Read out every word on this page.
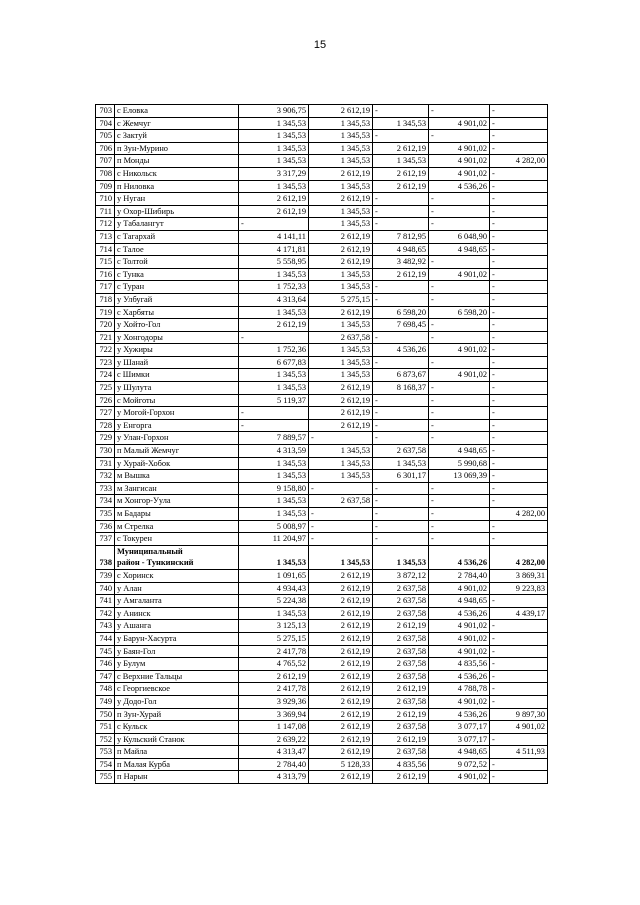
15
703	с Еловка	3 906,75	2 612,19	-	-	-
704	с Жемчуг	1 345,53	1 345,53	1 345,53	4 901,02	-
705	с Зактуй	1 345,53	1 345,53	-	-	-
706	п Зун-Мурино	1 345,53	1 345,53	2 612,19	4 901,02	-
707	п Монды	1 345,53	1 345,53	1 345,53	4 901,02	4 282,00
708	с Никольск	3 317,29	2 612,19	2 612,19	4 901,02	-
709	п Ниловка	1 345,53	1 345,53	2 612,19	4 536,26	-
710	у Нуган	2 612,19	2 612,19	-	-	-
711	у Охор-Шибирь	2 612,19	1 345,53	-	-	-
712	у Табалангут	-	1 345,53	-	-	-
713	с Тагархай	4 141,11	2 612,19	7 812,95	6 048,90	-
714	с Талое	4 171,81	2 612,19	4 948,65	4 948,65	-
715	с Толтой	5 558,95	2 612,19	3 482,92	-	-
716	с Тунка	1 345,53	1 345,53	2 612,19	4 901,02	-
717	с Туран	1 752,33	1 345,53	-	-	-
718	у Улбугай	4 313,64	5 275,15	-	-	-
719	с Харбяты	1 345,53	2 612,19	6 598,20	6 598,20	-
720	у Хойто-Гол	2 612,19	1 345,53	7 698,45	-	-
721	у Хонгодоры	-	2 637,58	-	-	-
722	у Хужиры	1 752,36	1 345,53	4 536,26	4 901,02	-
723	у Шанай	6 677,83	1 345,53	-	-	-
724	с Шимки	1 345,53	1 345,53	6 873,67	4 901,02	-
725	у Шулута	1 345,53	2 612,19	8 168,37	-	-
726	с Мойготы	5 119,37	2 612,19	-	-	-
727	у Могой-Горхон	-	2 612,19	-	-	-
728	у Енгорга	-	2 612,19	-	-	-
729	у Улан-Горхон	7 889,57	-	-	-	-
730	п Малый Жемчуг	4 313,59	1 345,53	2 637,58	4 948,65	-
731	у Хурай-Хобок	1 345,53	1 345,53	1 345,53	5 990,68	-
732	м Вышка	1 345,53	1 345,53	6 301,17	13 069,39	-
733	м Зангисан	9 158,80	-	-	-	-
734	м Хонгор-Уула	1 345,53	2 637,58	-	-	-
735	м Бадары	1 345,53	-	-	-	4 282,00
736	м Стрелка	5 008,97	-	-	-	-
737	с Токурен	11 204,97	-	-	-	-
738	Муниципальный
район - Тункинский	1 345,53	1 345,53	1 345,53	4 536,26	4 282,00
739	с Хоринск	1 091,65	2 612,19	3 872,12	2 784,40	3 869,31
740	у Алан	4 934,43	2 612,19	2 637,58	4 901,02	9 223,83
741	у Амгаланта	5 224,38	2 612,19	2 637,58	4 948,65	-
742	у Анинск	1 345,53	2 612,19	2 637,58	4 536,26	4 439,17
743	у Ашанга	3 125,13	2 612,19	2 612,19	4 901,02	-
744	у Барун-Хасурта	5 275,15	2 612,19	2 637,58	4 901,02	-
745	у Баян-Гол	2 417,78	2 612,19	2 637,58	4 901,02	-
746	у Булум	4 765,52	2 612,19	2 637,58	4 835,56	-
747	с Верхние Тальцы	2 612,19	2 612,19	2 637,58	4 536,26	-
748	с Георгиевское	2 417,78	2 612,19	2 612,19	4 788,78	-
749	у Додо-Гол	3 929,36	2 612,19	2 637,58	4 901,02	-
750	п Зун-Хурай	3 369,94	2 612,19	2 612,19	4 536,26	9 897,30
751	с Кульск	1 147,08	2 612,19	2 637,58	3 077,17	4 901,02
752	у Кульский Станок	2 639,22	2 612,19	2 612,19	3 077,17	-
753	п Майла	4 313,47	2 612,19	2 637,58	4 948,65	4 511,93
754	п Малая Курба	2 784,40	5 128,33	4 835,56	9 072,52	-
755	п Нарын	4 313,79	2 612,19	2 612,19	4 901,02	-
